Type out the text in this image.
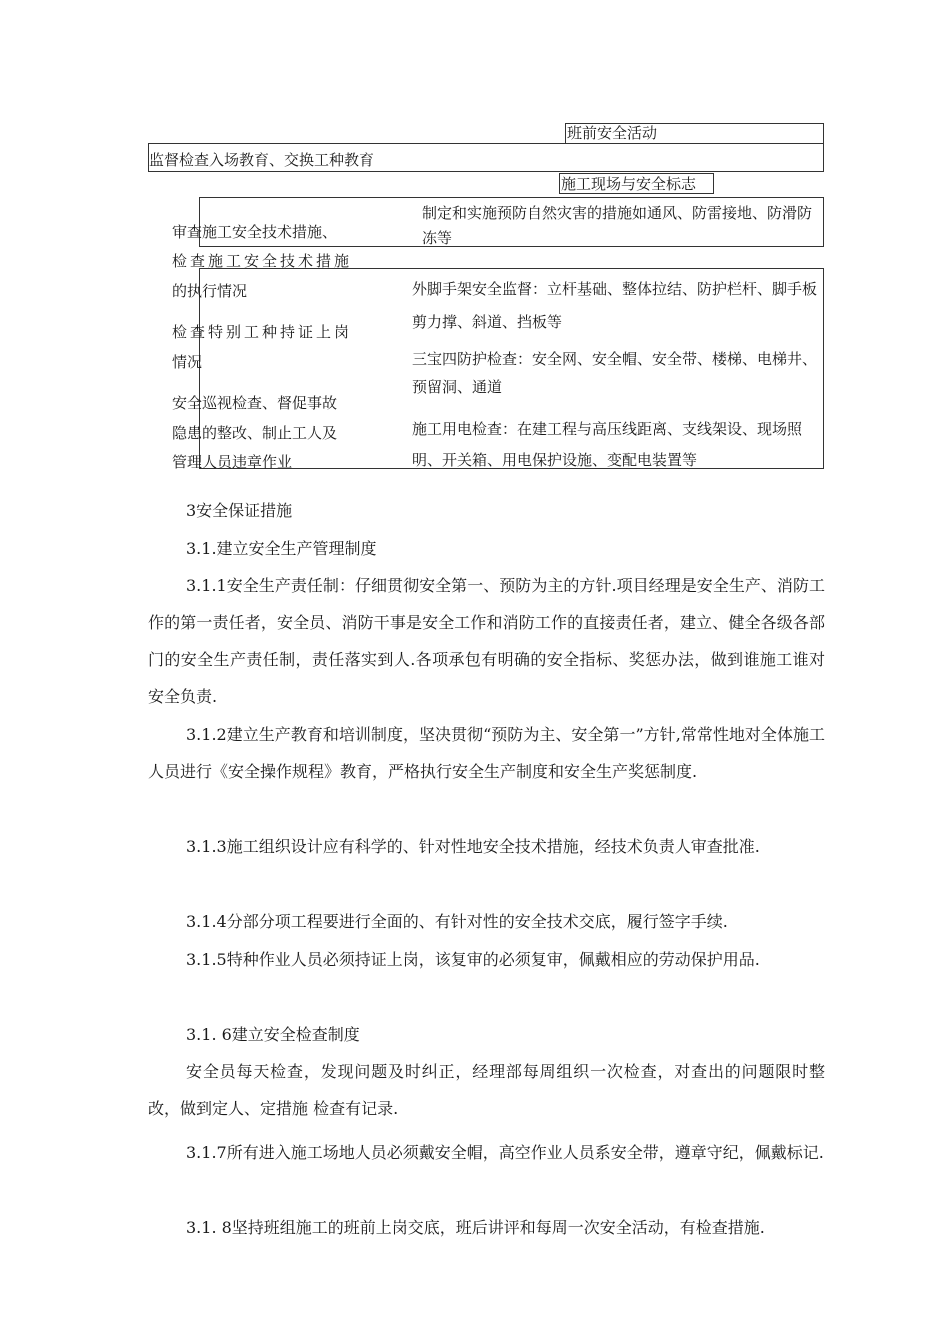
班前安全活动
监督检查入场教育、交换工种教育
施工现场与安全标志
制定和实施预防自然灾害的措施如通风、防雷接地、防滑防冻等
审查施工安全技术措施、
检查施工安全技术措施
的执行情况
检查特别工种持证上岗
情况
安全巡视检查、督促事故
隐患的整改、制止工人及
管理人员违章作业
外脚手架安全监督：立杆基础、整体拉结、防护栏杆、脚手板剪力撑、斜道、挡板等
三宝四防护检查：安全网、安全帽、安全带、楼梯、电梯井、预留洞、通道
施工用电检查：在建工程与高压线距离、支线架设、现场照明、开关箱、用电保护设施、变配电装置等

3安全保证措施

3.1.建立安全生产管理制度

3.1.1安全生产责任制：仔细贯彻安全第一、预防为主的方针.项目经理是安全生产、消防工作的第一责任者，安全员、消防干事是安全工作和消防工作的直接责任者，建立、健全各级各部门的安全生产责任制，责任落实到人.各项承包有明确的安全指标、奖惩办法，做到谁施工谁对安全负责.

3.1.2建立生产教育和培训制度，坚决贯彻“预防为主、安全第一”方针,常常性地对全体施工人员进行《安全操作规程》教育，严格执行安全生产制度和安全生产奖惩制度.

3.1.3施工组织设计应有科学的、针对性地安全技术措施，经技术负责人审查批准.

3.1.4分部分项工程要进行全面的、有针对性的安全技术交底，履行签字手续.

3.1.5特种作业人员必须持证上岗，该复审的必须复审，佩戴相应的劳动保护用品.

3.1. 6建立安全检查制度

安全员每天检查，发现问题及时纠正，经理部每周组织一次检查，对查出的问题限时整改，做到定人、定措施 检查有记录.

3.1.7所有进入施工场地人员必须戴安全帽，高空作业人员系安全带，遵章守纪，佩戴标记.

3.1. 8坚持班组施工的班前上岗交底，班后讲评和每周一次安全活动，有检查措施.
